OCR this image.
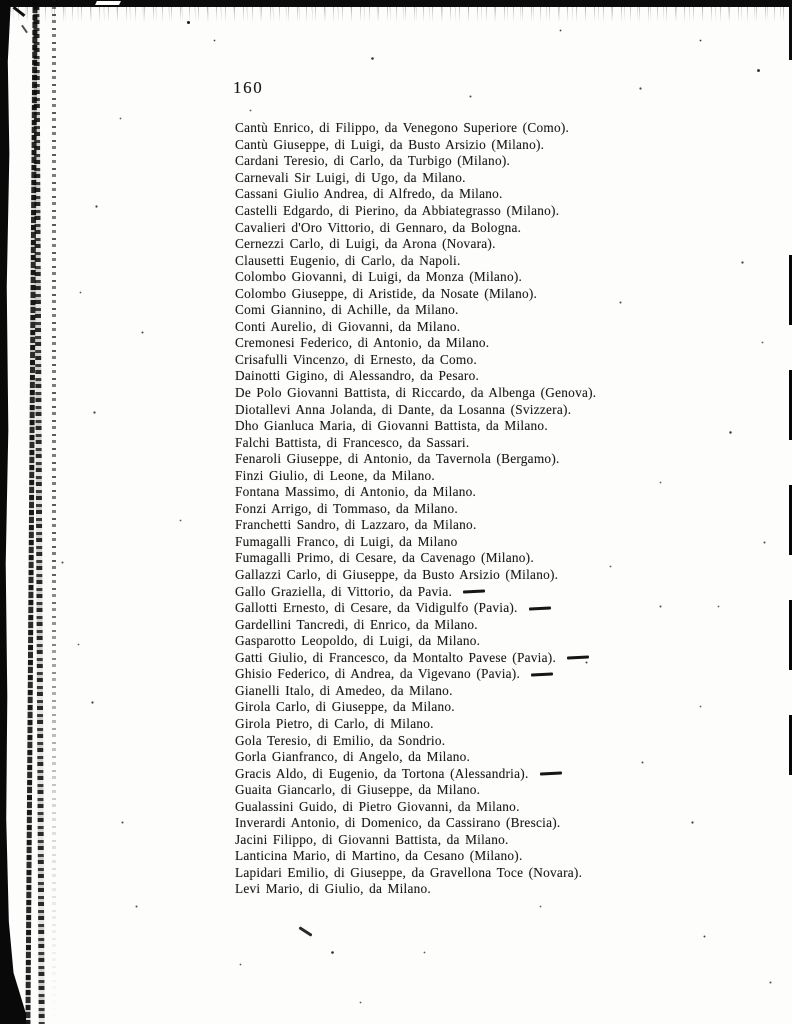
160
Cantù Enrico, di Filippo, da Venegono Superiore (Como).
Cantù Giuseppe, di Luigi, da Busto Arsizio (Milano).
Cardani Teresio, di Carlo, da Turbigo (Milano).
Carnevali Sir Luigi, di Ugo, da Milano.
Cassani Giulio Andrea, di Alfredo, da Milano.
Castelli Edgardo, di Pierino, da Abbiategrasso (Milano).
Cavalieri d'Oro Vittorio, di Gennaro, da Bologna.
Cernezzi Carlo, di Luigi, da Arona (Novara).
Clausetti Eugenio, di Carlo, da Napoli.
Colombo Giovanni, di Luigi, da Monza (Milano).
Colombo Giuseppe, di Aristide, da Nosate (Milano).
Comi Giannino, di Achille, da Milano.
Conti Aurelio, di Giovanni, da Milano.
Cremonesi Federico, di Antonio, da Milano.
Crisafulli Vincenzo, di Ernesto, da Como.
Dainotti Gigino, di Alessandro, da Pesaro.
De Polo Giovanni Battista, di Riccardo, da Albenga (Genova).
Diotallevi Anna Jolanda, di Dante, da Losanna (Svizzera).
Dho Gianluca Maria, di Giovanni Battista, da Milano.
Falchi Battista, di Francesco, da Sassari.
Fenaroli Giuseppe, di Antonio, da Tavernola (Bergamo).
Finzi Giulio, di Leone, da Milano.
Fontana Massimo, di Antonio, da Milano.
Fonzi Arrigo, di Tommaso, da Milano.
Franchetti Sandro, di Lazzaro, da Milano.
Fumagalli Franco, di Luigi, da Milano
Fumagalli Primo, di Cesare, da Cavenago (Milano).
Gallazzi Carlo, di Giuseppe, da Busto Arsizio (Milano).
Gallo Graziella, di Vittorio, da Pavia.
Gallotti Ernesto, di Cesare, da Vidigulfo (Pavia).
Gardellini Tancredi, di Enrico, da Milano.
Gasparotto Leopoldo, di Luigi, da Milano.
Gatti Giulio, di Francesco, da Montalto Pavese (Pavia).
Ghisio Federico, di Andrea, da Vigevano (Pavia).
Gianelli Italo, di Amedeo, da Milano.
Girola Carlo, di Giuseppe, da Milano.
Girola Pietro, di Carlo, di Milano.
Gola Teresio, di Emilio, da Sondrio.
Gorla Gianfranco, di Angelo, da Milano.
Gracis Aldo, di Eugenio, da Tortona (Alessandria).
Guaita Giancarlo, di Giuseppe, da Milano.
Gualassini Guido, di Pietro Giovanni, da Milano.
Inverardi Antonio, di Domenico, da Cassirano (Brescia).
Jacini Filippo, di Giovanni Battista, da Milano.
Lanticina Mario, di Martino, da Cesano (Milano).
Lapidari Emilio, di Giuseppe, da Gravellona Toce (Novara).
Levi Mario, di Giulio, da Milano.
